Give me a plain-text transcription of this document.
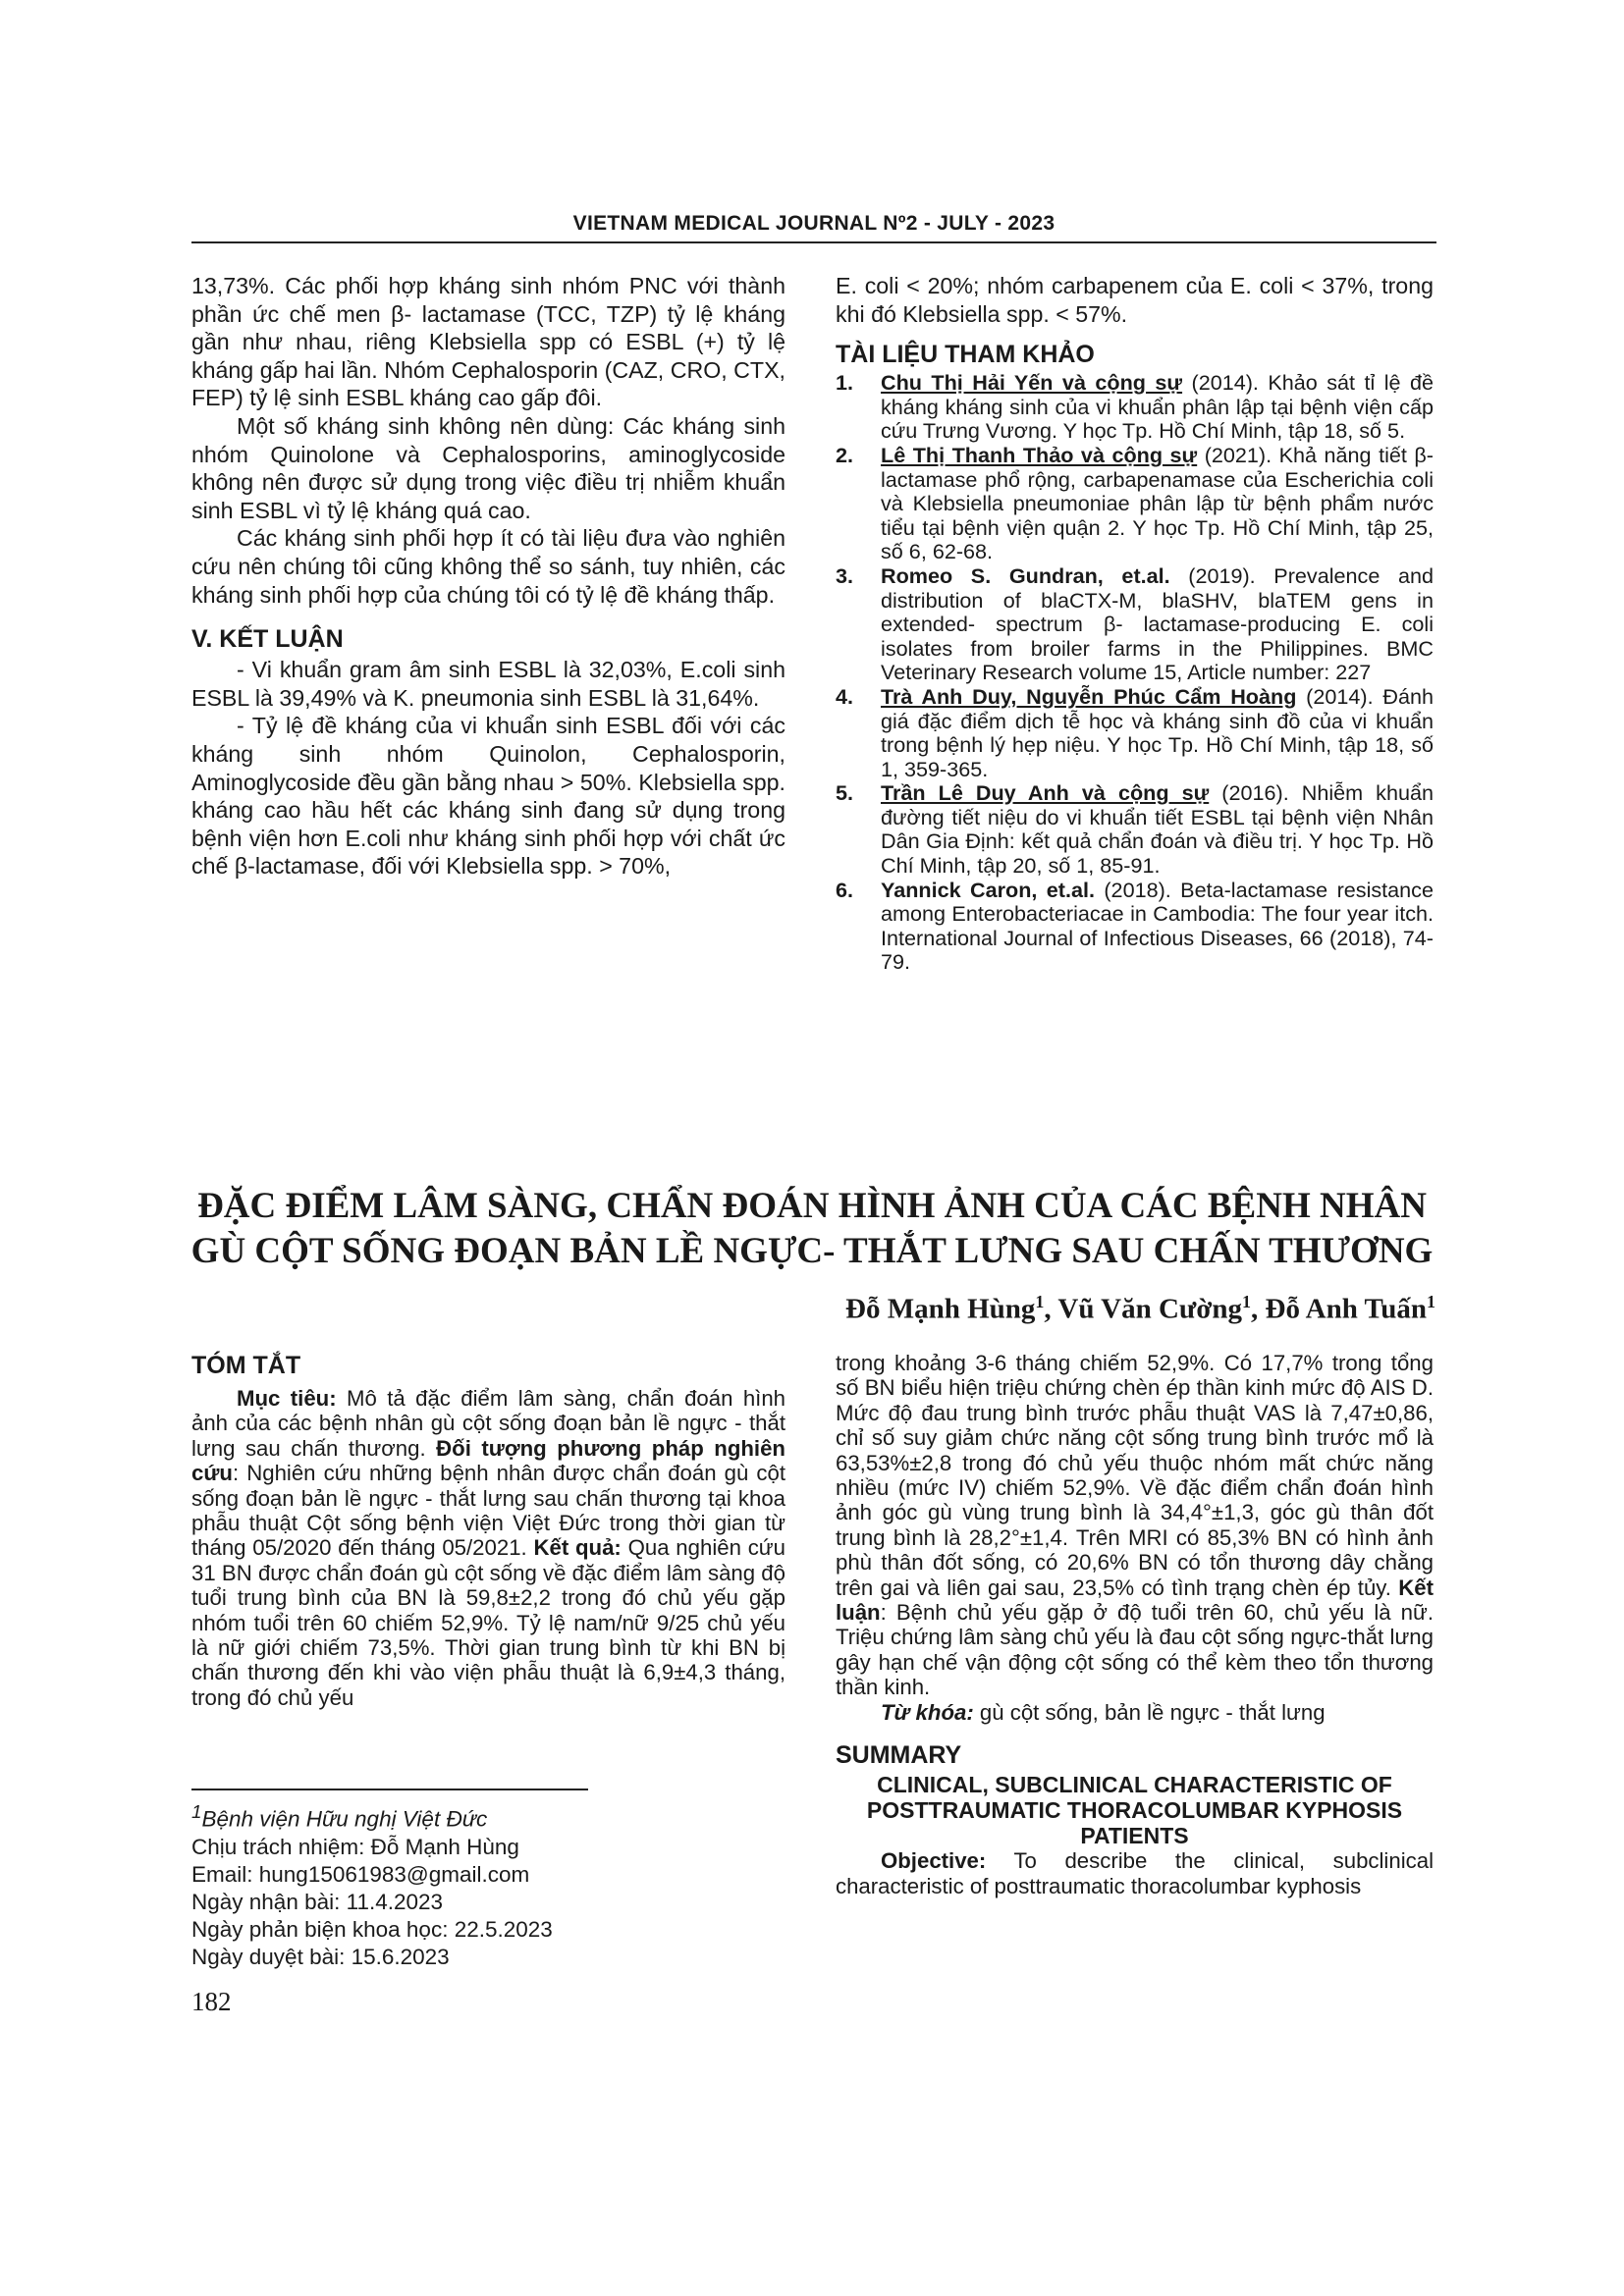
VIETNAM MEDICAL JOURNAL Nº2 - JULY - 2023

13,73%. Các phối hợp kháng sinh nhóm PNC với thành phần ức chế men β- lactamase (TCC, TZP) tỷ lệ kháng gần như nhau, riêng Klebsiella spp có ESBL (+) tỷ lệ kháng gấp hai lần. Nhóm Cephalosporin (CAZ, CRO, CTX, FEP) tỷ lệ sinh ESBL kháng cao gấp đôi.

Một số kháng sinh không nên dùng: Các kháng sinh nhóm Quinolone và Cephalosporins, aminoglycoside không nên được sử dụng trong việc điều trị nhiễm khuẩn sinh ESBL vì tỷ lệ kháng quá cao.

Các kháng sinh phối hợp ít có tài liệu đưa vào nghiên cứu nên chúng tôi cũng không thể so sánh, tuy nhiên, các kháng sinh phối hợp của chúng tôi có tỷ lệ đề kháng thấp.

V. KẾT LUẬN

- Vi khuẩn gram âm sinh ESBL là 32,03%, E.coli sinh ESBL là 39,49% và K. pneumonia sinh ESBL là 31,64%.

- Tỷ lệ đề kháng của vi khuẩn sinh ESBL đối với các kháng sinh nhóm Quinolon, Cephalosporin, Aminoglycoside đều gần bằng nhau > 50%. Klebsiella spp. kháng cao hầu hết các kháng sinh đang sử dụng trong bệnh viện hơn E.coli như kháng sinh phối hợp với chất ức chế β-lactamase, đối với Klebsiella spp. > 70%,

E. coli < 20%; nhóm carbapenem của E. coli < 37%, trong khi đó Klebsiella spp. < 57%.

TÀI LIỆU THAM KHẢO

1. Chu Thị Hải Yến và cộng sự (2014). Khảo sát tỉ lệ đề kháng kháng sinh của vi khuẩn phân lập tại bệnh viện cấp cứu Trưng Vương. Y học Tp. Hồ Chí Minh, tập 18, số 5.

2. Lê Thị Thanh Thảo và cộng sự (2021). Khả năng tiết β-lactamase phổ rộng, carbapenamase của Escherichia coli và Klebsiella pneumoniae phân lập từ bệnh phẩm nước tiểu tại bệnh viện quận 2. Y học Tp. Hồ Chí Minh, tập 25, số 6, 62-68.

3. Romeo S. Gundran, et.al. (2019). Prevalence and distribution of blaCTX-M, blaSHV, blaTEM gens in extended- spectrum β- lactamase-producing E. coli isolates from broiler farms in the Philippines. BMC Veterinary Research volume 15, Article number: 227

4. Trà Anh Duy, Nguyễn Phúc Cẩm Hoàng (2014). Đánh giá đặc điểm dịch tễ học và kháng sinh đồ của vi khuẩn trong bệnh lý hẹp niệu. Y học Tp. Hồ Chí Minh, tập 18, số 1, 359-365.

5. Trần Lê Duy Anh và cộng sự (2016). Nhiễm khuẩn đường tiết niệu do vi khuẩn tiết ESBL tại bệnh viện Nhân Dân Gia Định: kết quả chẩn đoán và điều trị. Y học Tp. Hồ Chí Minh, tập 20, số 1, 85-91.

6. Yannick Caron, et.al. (2018). Beta-lactamase resistance among Enterobacteriacae in Cambodia: The four year itch. International Journal of Infectious Diseases, 66 (2018), 74-79.

ĐẶC ĐIỂM LÂM SÀNG, CHẨN ĐOÁN HÌNH ẢNH CỦA CÁC BỆNH NHÂN
GÙ CỘT SỐNG ĐOẠN BẢN LỀ NGỰC- THẮT LƯNG SAU CHẤN THƯƠNG
Đỗ Mạnh Hùng$^1$, Vũ Văn Cường$^1$, Đỗ Anh Tuấn$^1$

TÓM TẮT

Mục tiêu: Mô tả đặc điểm lâm sàng, chẩn đoán hình ảnh của các bệnh nhân gù cột sống đoạn bản lề ngực - thắt lưng sau chấn thương. Đối tượng phương pháp nghiên cứu: Nghiên cứu những bệnh nhân được chẩn đoán gù cột sống đoạn bản lề ngực - thắt lưng sau chấn thương tại khoa phẫu thuật Cột sống bệnh viện Việt Đức trong thời gian từ tháng 05/2020 đến tháng 05/2021. Kết quả: Qua nghiên cứu 31 BN được chẩn đoán gù cột sống về đặc điểm lâm sàng độ tuổi trung bình của BN là 59,8±2,2 trong đó chủ yếu gặp nhóm tuổi trên 60 chiếm 52,9%. Tỷ lệ nam/nữ 9/25 chủ yếu là nữ giới chiếm 73,5%. Thời gian trung bình từ khi BN bị chấn thương đến khi vào viện phẫu thuật là 6,9±4,3 tháng, trong đó chủ yếu

trong khoảng 3-6 tháng chiếm 52,9%. Có 17,7% trong tổng số BN biểu hiện triệu chứng chèn ép thần kinh mức độ AIS D. Mức độ đau trung bình trước phẫu thuật VAS là 7,47±0,86, chỉ số suy giảm chức năng cột sống trung bình trước mổ là 63,53%±2,8 trong đó chủ yếu thuộc nhóm mất chức năng nhiều (mức IV) chiếm 52,9%. Về đặc điểm chẩn đoán hình ảnh góc gù vùng trung bình là 34,4°±1,3, góc gù thân đốt trung bình là 28,2°±1,4. Trên MRI có 85,3% BN có hình ảnh phù thân đốt sống, có 20,6% BN có tổn thương dây chằng trên gai và liên gai sau, 23,5% có tình trạng chèn ép tủy. Kết luận: Bệnh chủ yếu gặp ở độ tuổi trên 60, chủ yếu là nữ. Triệu chứng lâm sàng chủ yếu là đau cột sống ngực-thắt lưng gây hạn chế vận động cột sống có thể kèm theo tổn thương thần kinh.

Từ khóa: gù cột sống, bản lề ngực - thắt lưng

SUMMARY

CLINICAL, SUBCLINICAL CHARACTERISTIC OF POSTTRAUMATIC THORACOLUMBAR KYPHOSIS PATIENTS

Objective: To describe the clinical, subclinical characteristic of posttraumatic thoracolumbar kyphosis

$^1$Bệnh viện Hữu nghị Việt Đức
Chịu trách nhiệm: Đỗ Mạnh Hùng
Email: hung15061983@gmail.com
Ngày nhận bài: 11.4.2023
Ngày phản biện khoa học: 22.5.2023
Ngày duyệt bài: 15.6.2023
182
